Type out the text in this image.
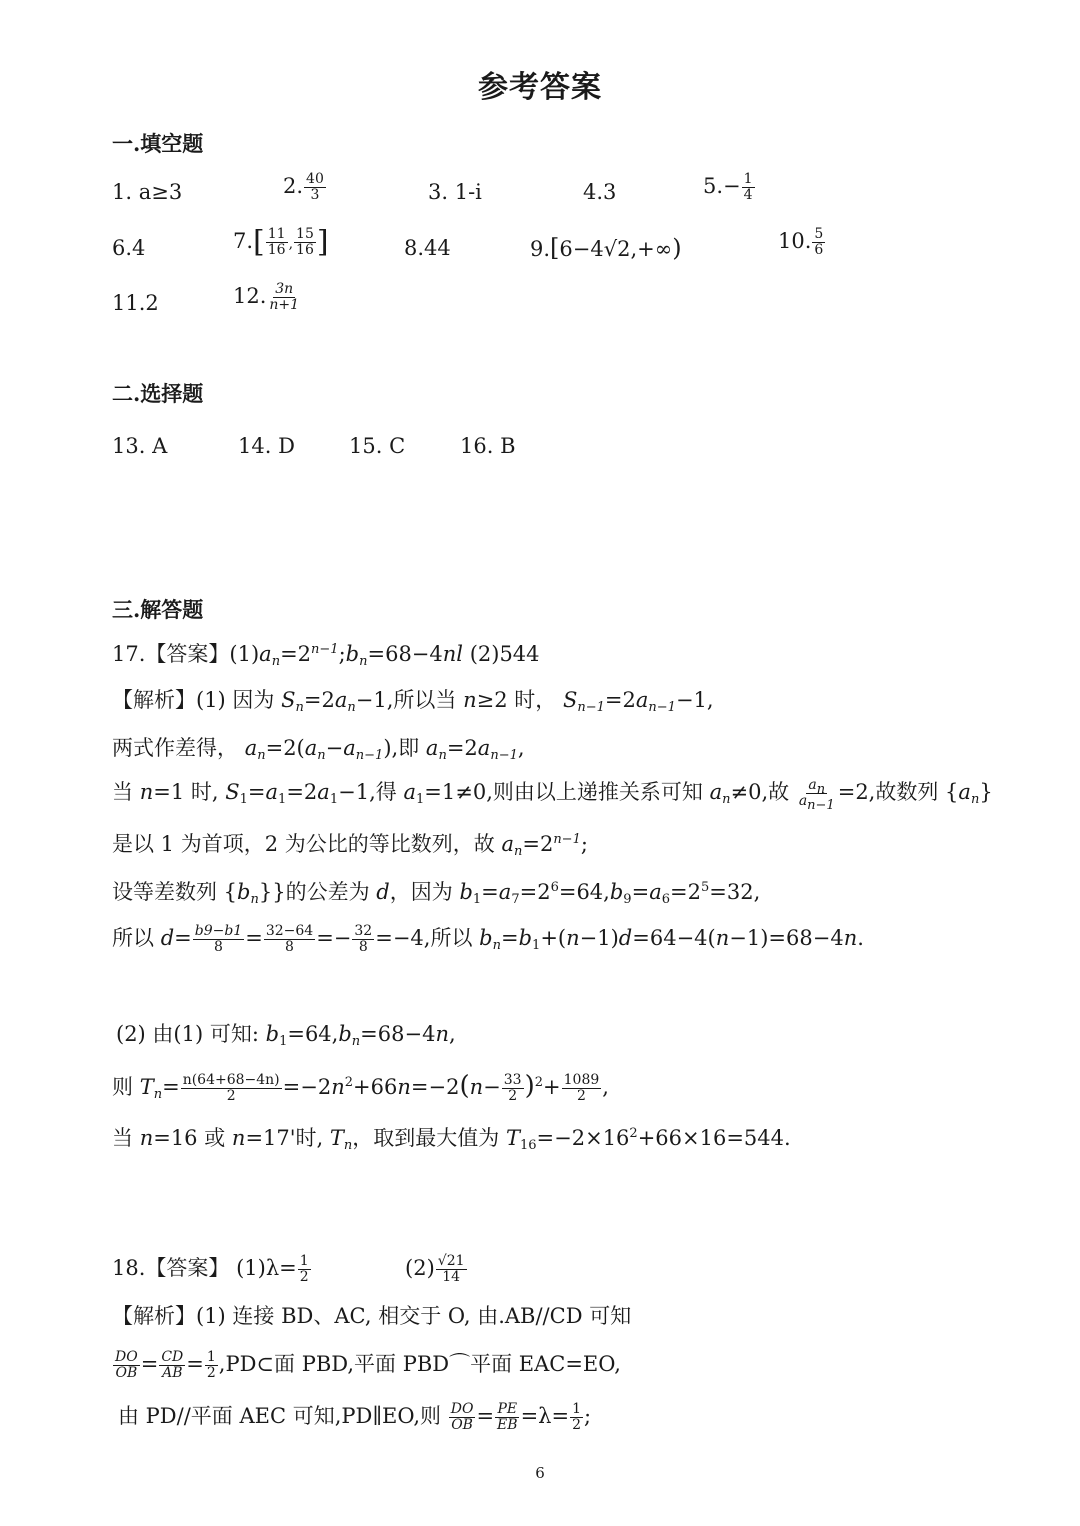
参考答案
一.填空题
1. a≥3	2. $\frac{40}{3}$	3. 1-i	4.3	$5.- \frac{1}{4}$
6.4	$7.[ \frac{11}{16}$ , $\frac{15}{16}$ ]	8.44	9.[6−4√2,+∞)	10. $\frac{5}{6}$
11.2	12. $\frac{3n}{n+1}$
二.选择题
13. A	14. D	15. C	16. B
三.解答题
17.【答案】$(1)a_n=2^{n-1};b_n=68-4nl$ (2)544
【解析】(1) 因为 $S_n=2a_n-1$,所以当 n≥2 时， $S_{n-1}=2a_{n-1}-1$,
两式作差得， $a_n=2(a_n-a_{n-1})$,即 $a_n=2a_{n-1}$,
当 n=1 时, $S_1=a_1=2a_1-1$,得 $a_1=1\ne 0$,则由以上递推关系可知 $a_n\ne 0$,故 $\frac{a_n}{a_{n-1}} =2$,故数列 $\{a_n\}$
是以 1 为首项，2 为公比的等比数列，故 $a_n=2^{n-1}$;
设等差数列 $\{b_n\}$}的公差为 d，因为 $b_1=a_7=2^6=64,b_9=a_6=2^5=32$,
所以 $d= \frac{b9-b1}{8} = \frac{32-64}{8} =- \frac{32}{8} =-4$,所以 $b_n=b_1+(n-1)d=64-4(n-1)=68-4n$.
(2) 由(1) 可知: $b_1=64,b_n=68-4n$,
则 $T_n= \frac{n(64+68-4n)}{2} =-2n^2+66n=-2(n- \frac{33}{2} )^2+ \frac{1089}{2}$ ,
当 n=16 或 n=17'时, $T_n$，取到最大值为 $T_{16}=-2\times 16^2+66\times 16=544$.
18.【答案】 $(1)\lambda= \frac{1}{2}$	$(2) \frac{√21}{14}$
【解析】(1) 连接 BD、AC, 相交于 O, 由.AB//CD 可知
$\frac{DO}{OB} = \frac{CD}{AB} = \frac{1}{2}$ ,PD⊂面 PBD,平面 PBD⌒平面 EAC=EO,
由 PD//平面 AEC 可知,PD∥EO,则 $\frac{DO}{OB} = \frac{PE}{EB} =\lambda= \frac{1}{2}$ ;
6
